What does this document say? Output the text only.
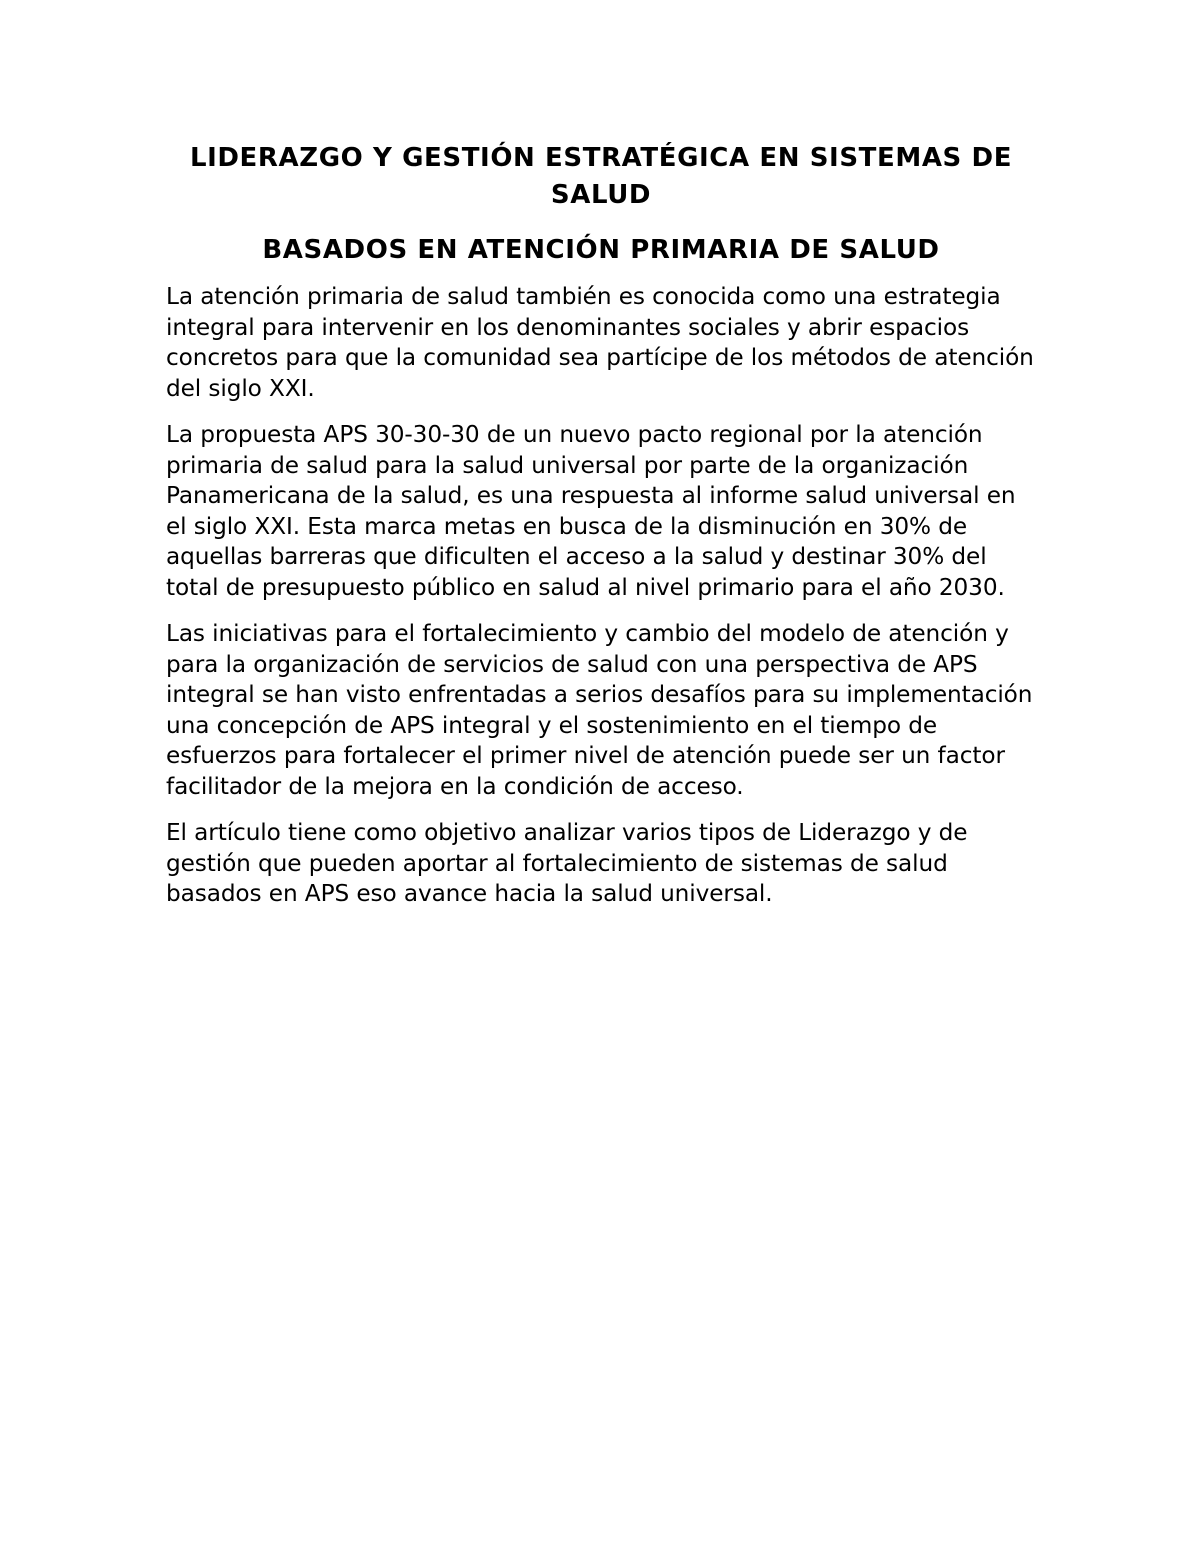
LIDERAZGO Y GESTIÓN ESTRATÉGICA EN SISTEMAS DE SALUD
BASADOS EN ATENCIÓN PRIMARIA DE SALUD

La atención primaria de salud también es conocida como una estrategia integral para intervenir en los denominantes sociales y abrir espacios concretos para que la comunidad sea partícipe de los métodos de atención del siglo XXI.

La propuesta APS 30-30-30 de un nuevo pacto regional por la atención primaria de salud para la salud universal por parte de la organización Panamericana de la salud, es una respuesta al informe salud universal en el siglo XXI. Esta marca metas en busca de la disminución en 30% de aquellas barreras que dificulten el acceso a la salud y destinar 30% del total de presupuesto público en salud al nivel primario para el año 2030.

Las iniciativas para el fortalecimiento y cambio del modelo de atención y para la organización de servicios de salud con una perspectiva de APS integral se han visto enfrentadas a serios desafíos para su implementación una concepción de APS integral y el sostenimiento en el tiempo de esfuerzos para fortalecer el primer nivel de atención puede ser un factor facilitador de la mejora en la condición de acceso.

El artículo tiene como objetivo analizar varios tipos de Liderazgo y de gestión que pueden aportar al fortalecimiento de sistemas de salud basados en APS eso avance hacia la salud universal.
